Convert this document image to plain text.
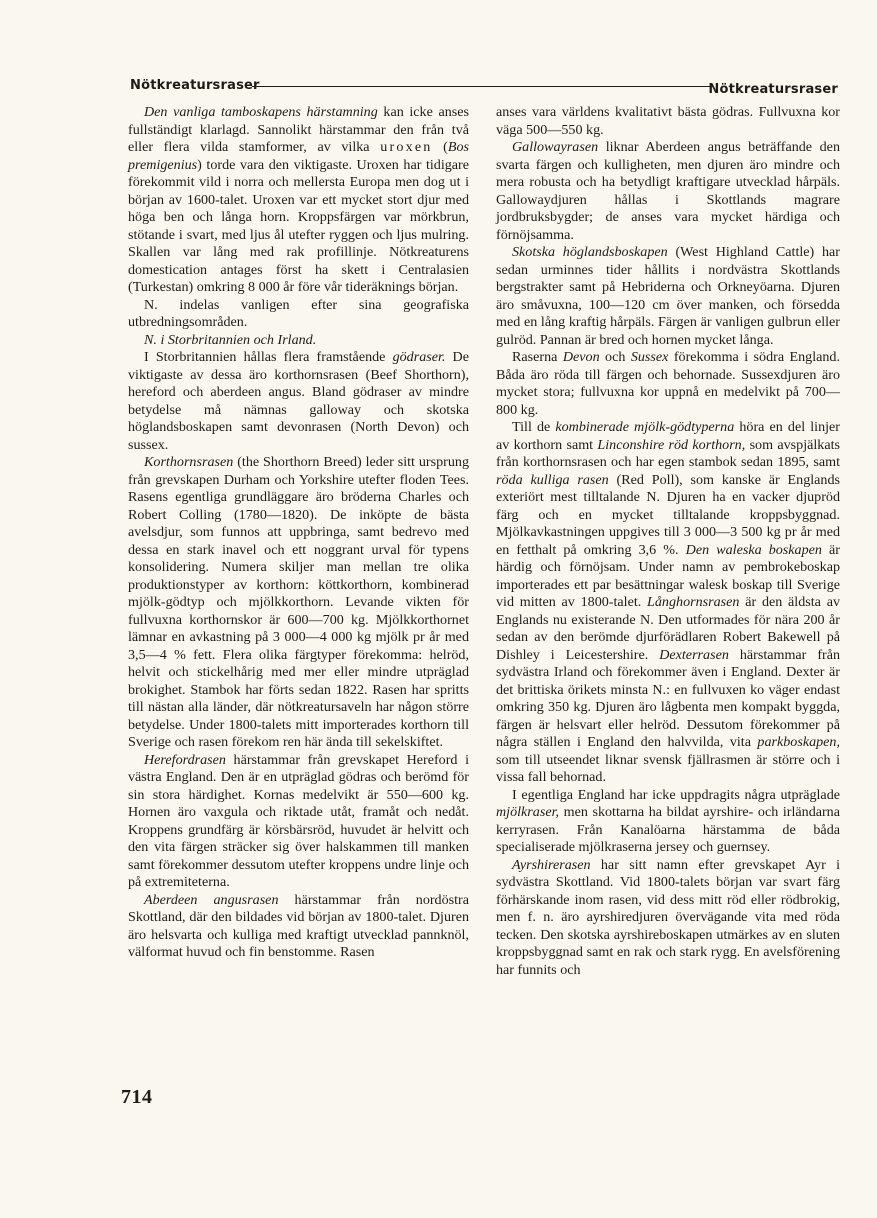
Nötkreatursraser	Nötkreatursraser

Den vanliga tamboskapens härstamning kan icke anses fullständigt klarlagd. Sannolikt härstammar den från två eller flera vilda stamformer, av vilka uroxen (Bos premigenius) torde vara den viktigaste. Uroxen har tidigare förekommit vild i norra och mellersta Europa men dog ut i början av 1600-talet. Uroxen var ett mycket stort djur med höga ben och långa horn. Kroppsfärgen var mörkbrun, stötande i svart, med ljus ål utefter ryggen och ljus mulring. Skallen var lång med rak profillinje. Nötkreaturens domestication antages först ha skett i Centralasien (Turkestan) omkring 8 000 år före vår tideräknings början.

N. indelas vanligen efter sina geografiska utbredningsområden.

N. i Storbritannien och Irland.

I Storbritannien hållas flera framstående gödraser. De viktigaste av dessa äro korthornsrasen (Beef Shorthorn), hereford och aberdeen angus. Bland gödraser av mindre betydelse må nämnas galloway och skotska höglandsboskapen samt devonrasen (North Devon) och sussex.

Korthornsrasen (the Shorthorn Breed) leder sitt ursprung från grevskapen Durham och Yorkshire utefter floden Tees. Rasens egentliga grundläggare äro bröderna Charles och Robert Colling (1780—1820). De inköpte de bästa avelsdjur, som funnos att uppbringa, samt bedrevo med dessa en stark inavel och ett noggrant urval för typens konsolidering. Numera skiljer man mellan tre olika produktionstyper av korthorn: köttkorthorn, kombinerad mjölk-gödtyp och mjölkkorthorn. Levande vikten för fullvuxna korthornskor är 600—700 kg. Mjölkkorthornet lämnar en avkastning på 3 000—4 000 kg mjölk pr år med 3,5—4 % fett. Flera olika färgtyper förekomma: helröd, helvit och stickelhårig med mer eller mindre utpräglad brokighet. Stambok har förts sedan 1822. Rasen har spritts till nästan alla länder, där nötkreatursaveln har någon större betydelse. Under 1800-talets mitt importerades korthorn till Sverige och rasen förekom ren här ända till sekelskiftet.

Herefordrasen härstammar från grevskapet Hereford i västra England. Den är en utpräglad gödras och berömd för sin stora härdighet. Kornas medelvikt är 550—600 kg. Hornen äro vaxgula och riktade utåt, framåt och nedåt. Kroppens grundfärg är körsbärsröd, huvudet är helvitt och den vita färgen sträcker sig över halskammen till manken samt förekommer dessutom utefter kroppens undre linje och på extremiteterna.

Aberdeen angusrasen härstammar från nordöstra Skottland, där den bildades vid början av 1800-talet. Djuren äro helsvarta och kulliga med kraftigt utvecklad pannknöl, välformat huvud och fin benstomme. Rasen

anses vara världens kvalitativt bästa gödras. Fullvuxna kor väga 500—550 kg.

Gallowayrasen liknar Aberdeen angus beträffande den svarta färgen och kulligheten, men djuren äro mindre och mera robusta och ha betydligt kraftigare utvecklad hårpäls. Gallowaydjuren hållas i Skottlands magrare jordbruksbygder; de anses vara mycket härdiga och förnöjsamma.

Skotska höglandsboskapen (West Highland Cattle) har sedan urminnes tider hållits i nordvästra Skottlands bergstrakter samt på Hebriderna och Orkneyöarna. Djuren äro småvuxna, 100—120 cm över manken, och försedda med en lång kraftig hårpäls. Färgen är vanligen gulbrun eller gulröd. Pannan är bred och hornen mycket långa.

Raserna Devon och Sussex förekomma i södra England. Båda äro röda till färgen och behornade. Sussexdjuren äro mycket stora; fullvuxna kor uppnå en medelvikt på 700—800 kg.

Till de kombinerade mjölk-gödtyperna höra en del linjer av korthorn samt Linconshire röd korthorn, som avspjälkats från korthornsrasen och har egen stambok sedan 1895, samt röda kulliga rasen (Red Poll), som kanske är Englands exteriört mest tilltalande N. Djuren ha en vacker djupröd färg och en mycket tilltalande kroppsbyggnad. Mjölkavkastningen uppgives till 3 000—3 500 kg pr år med en fetthalt på omkring 3,6 %. Den waleska boskapen är härdig och förnöjsam. Under namn av pembrokeboskap importerades ett par besättningar walesk boskap till Sverige vid mitten av 1800-talet. Långhornsrasen är den äldsta av Englands nu existerande N. Den utformades för nära 200 år sedan av den berömde djurförädlaren Robert Bakewell på Dishley i Leicestershire. Dexterrasen härstammar från sydvästra Irland och förekommer även i England. Dexter är det brittiska örikets minsta N.: en fullvuxen ko väger endast omkring 350 kg. Djuren äro lågbenta men kompakt byggda, färgen är helsvart eller helröd. Dessutom förekommer på några ställen i England den halvvilda, vita parkboskapen, som till utseendet liknar svensk fjällrasmen är större och i vissa fall behornad.

I egentliga England har icke uppdragits några utpräglade mjölkraser, men skottarna ha bildat ayrshire- och irländarna kerryrasen. Från Kanalöarna härstamma de båda specialiserade mjölkraserna jersey och guernsey.

Ayrshirerasen har sitt namn efter grevskapet Ayr i sydvästra Skottland. Vid 1800-talets början var svart färg förhärskande inom rasen, vid dess mitt röd eller rödbrokig, men f. n. äro ayrshiredjuren övervägande vita med röda tecken. Den skotska ayrshireboskapen utmärkes av en sluten kroppsbyggnad samt en rak och stark rygg. En avelsförening har funnits och

714
